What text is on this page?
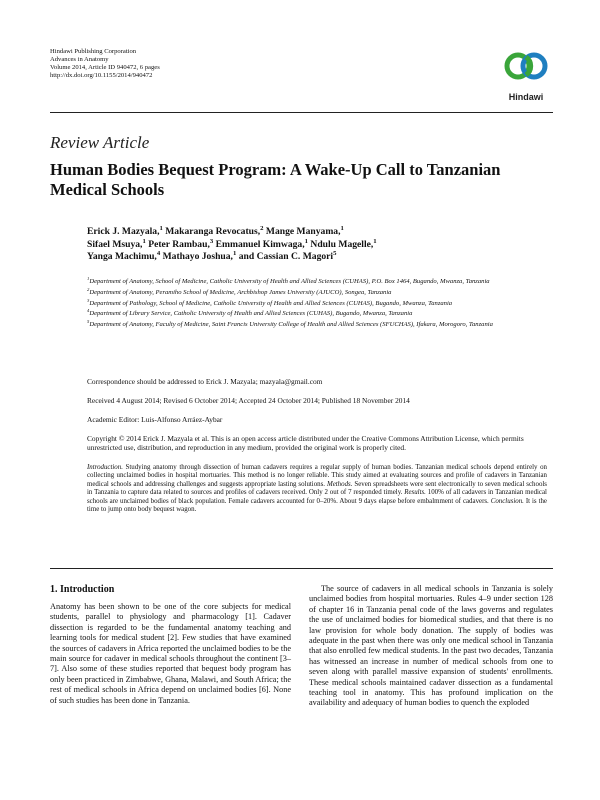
Hindawi Publishing Corporation
Advances in Anatomy
Volume 2014, Article ID 940472, 6 pages
http://dx.doi.org/10.1155/2014/940472
Hindawi
Review Article
Human Bodies Bequest Program: A Wake-Up Call to Tanzanian Medical Schools
Erick J. Mazyala,$^1$ Makaranga Revocatus,$^2$ Mange Manyama,$^1$
Sifael Msuya,$^1$ Peter Rambau,$^3$ Emmanuel Kimwaga,$^1$ Ndulu Magelle,$^1$
Yanga Machimu,$^4$ Mathayo Joshua,$^1$ and Cassian C. Magori$^5$
$^1$Department of Anatomy, School of Medicine, Catholic University of Health and Allied Sciences (CUHAS), P.O. Box 1464, Bugando, Mwanza, Tanzania
$^2$Department of Anatomy, Peramiho School of Medicine, Archbishop James University (AJUCO), Songea, Tanzania
$^3$Department of Pathology, School of Medicine, Catholic University of Health and Allied Sciences (CUHAS), Bugando, Mwanza, Tanzania
$^4$Department of Library Service, Catholic University of Health and Allied Sciences (CUHAS), Bugando, Mwanza, Tanzania
$^5$Department of Anatomy, Faculty of Medicine, Saint Francis University College of Health and Allied Sciences (SFUCHAS), Ifakara, Morogoro, Tanzania
Correspondence should be addressed to Erick J. Mazyala; mazyala@gmail.com
Received 4 August 2014; Revised 6 October 2014; Accepted 24 October 2014; Published 18 November 2014
Academic Editor: Luis-Alfonso Arráez-Aybar
Copyright © 2014 Erick J. Mazyala et al. This is an open access article distributed under the Creative Commons Attribution License, which permits unrestricted use, distribution, and reproduction in any medium, provided the original work is properly cited.
Introduction. Studying anatomy through dissection of human cadavers requires a regular supply of human bodies. Tanzanian medical schools depend entirely on collecting unclaimed bodies in hospital mortuaries. This method is no longer reliable. This study aimed at evaluating sources and profile of cadavers in Tanzanian medical schools and addressing challenges and suggests appropriate lasting solutions. Methods. Seven spreadsheets were sent electronically to seven medical schools in Tanzania to capture data related to sources and profiles of cadavers received. Only 2 out of 7 responded timely. Results. 100% of all cadavers in Tanzanian medical schools are unclaimed bodies of black population. Female cadavers accounted for 0–20%. About 9 days elapse before embalmment of cadavers. Conclusion. It is the time to jump onto body bequest wagon.
1. Introduction

Anatomy has been shown to be one of the core subjects for medical students, parallel to physiology and pharmacology [1]. Cadaver dissection is regarded to be the fundamental anatomy teaching and learning tools for medical student [2]. Few studies that have examined the sources of cadavers in Africa reported the unclaimed bodies to be the main source for cadaver in medical schools throughout the continent [3–7]. Also some of these studies reported that bequest body program has only been practiced in Zimbabwe, Ghana, Malawi, and South Africa; the rest of medical schools in Africa depend on unclaimed bodies [6]. None of such studies has been done in Tanzania.

The source of cadavers in all medical schools in Tanzania is solely unclaimed bodies from hospital mortuaries. Rules 4–9 under section 128 of chapter 16 in Tanzania penal code of the laws governs and regulates the use of unclaimed bodies for biomedical studies, and that there is no law provision for whole body donation. The supply of bodies was adequate in the past when there was only one medical school in Tanzania that also enrolled few medical students. In the past two decades, Tanzania has witnessed an increase in number of medical schools from one to seven along with parallel massive expansion of students' enrollments. These medical schools maintained cadaver dissection as a fundamental teaching tool in anatomy. This has profound implication on the availability and adequacy of human bodies to quench the exploded
